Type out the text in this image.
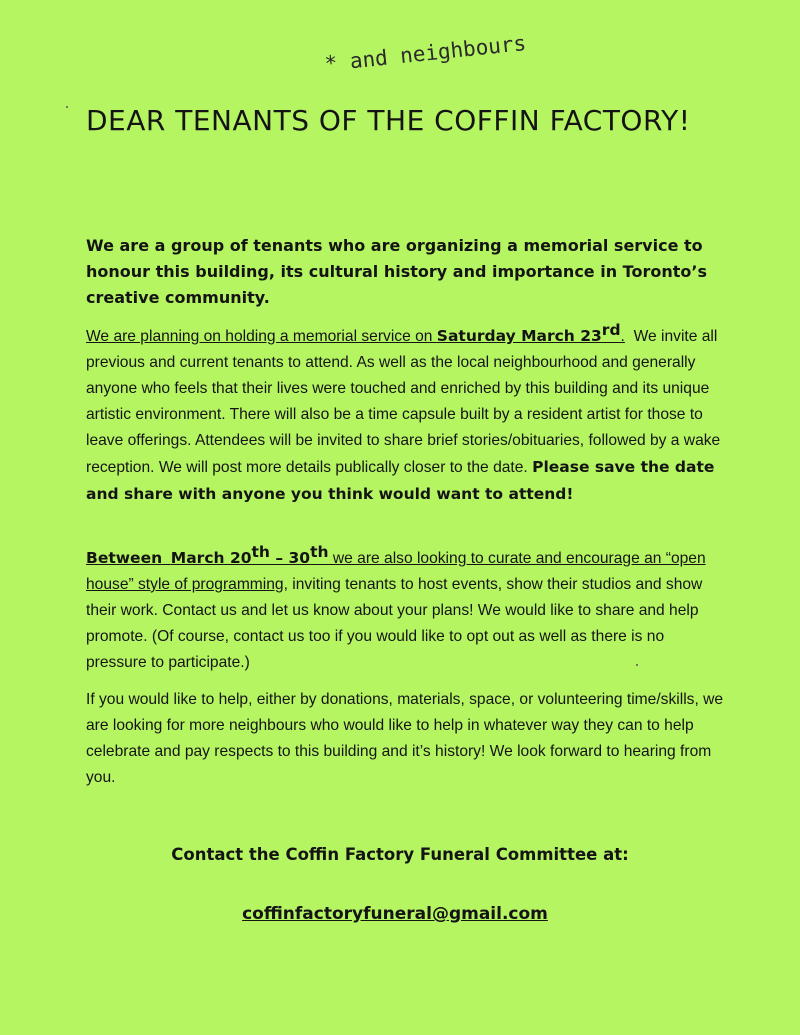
* and neighbours
DEAR TENANTS OF THE COFFIN FACTORY!

We are a group of tenants who are organizing a memorial service to honour this building, its cultural history and importance in Toronto’s creative community.

We are planning on holding a memorial service on Saturday March 23rd. We invite all previous and current tenants to attend. As well as the local neighbourhood and generally anyone who feels that their lives were touched and enriched by this building and its unique artistic environment. There will also be a time capsule built by a resident artist for those to leave offerings. Attendees will be invited to share brief stories/obituaries, followed by a wake reception. We will post more details publically closer to the date. Please save the date and share with anyone you think would want to attend!

Between March 20th – 30th we are also looking to curate and encourage an “open house” style of programming, inviting tenants to host events, show their studios and show their work. Contact us and let us know about your plans! We would like to share and help promote. (Of course, contact us too if you would like to opt out as well as there is no pressure to participate.)

If you would like to help, either by donations, materials, space, or volunteering time/skills, we are looking for more neighbours who would like to help in whatever way they can to help celebrate and pay respects to this building and it’s history! We look forward to hearing from you.

Contact the Coffin Factory Funeral Committee at:

coffinfactoryfuneral@gmail.com
